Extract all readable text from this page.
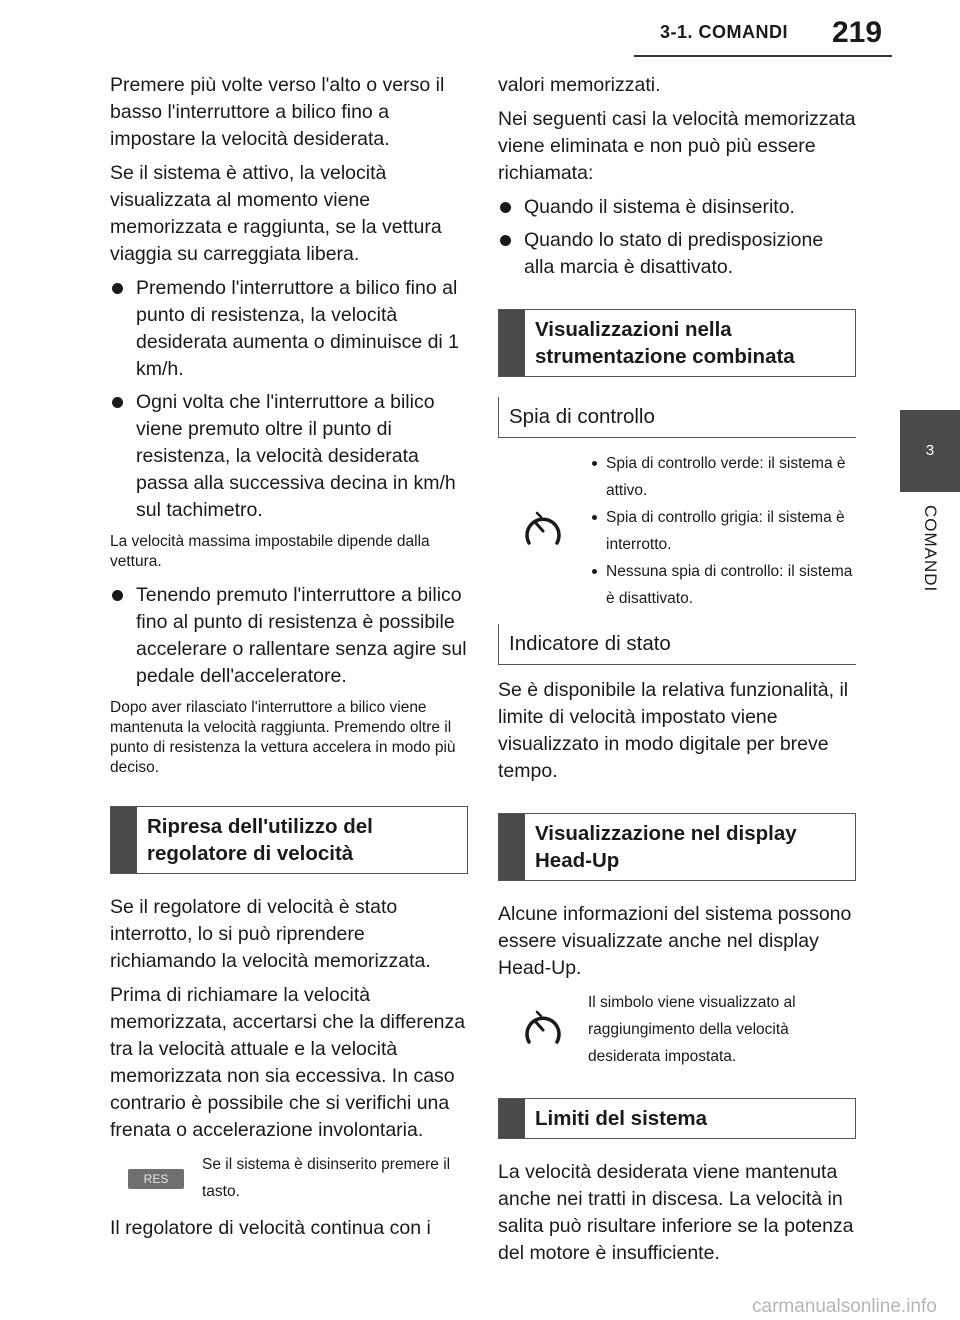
3-1. COMANDI 219
3
COMANDI

Premere più volte verso l'alto o verso il basso l'interruttore a bilico fino a impostare la velocità desiderata.

Se il sistema è attivo, la velocità visualizzata al momento viene memorizzata e raggiunta, se la vettura viaggia su carreggiata libera.

Premendo l'interruttore a bilico fino al punto di resistenza, la velocità desiderata aumenta o diminuisce di 1 km/h.
Ogni volta che l'interruttore a bilico viene premuto oltre il punto di resistenza, la velocità desiderata passa alla successiva decina in km/h sul tachimetro.

La velocità massima impostabile dipende dalla vettura.

Tenendo premuto l'interruttore a bilico fino al punto di resistenza è possibile accelerare o rallentare senza agire sul pedale dell'acceleratore.

Dopo aver rilasciato l'interruttore a bilico viene mantenuta la velocità raggiunta. Premendo oltre il punto di resistenza la vettura accelera in modo più deciso.

Ripresa dell'utilizzo del regolatore di velocità

Se il regolatore di velocità è stato interrotto, lo si può riprendere richiamando la velocità memorizzata.

Prima di richiamare la velocità memorizzata, accertarsi che la differenza tra la velocità attuale e la velocità memorizzata non sia eccessiva. In caso contrario è possibile che si verifichi una frenata o accelerazione involontaria.

RES
Se il sistema è disinserito premere il tasto.

Il regolatore di velocità continua con i

valori memorizzati.

Nei seguenti casi la velocità memorizzata viene eliminata e non può più essere richiamata:

Quando il sistema è disinserito.
Quando lo stato di predisposizione alla marcia è disattivato.
Visualizzazioni nella strumentazione combinata
Spia di controllo
Spia di controllo verde: il sistema è attivo.
Spia di controllo grigia: il sistema è interrotto.
Nessuna spia di controllo: il sistema è disattivato.
Indicatore di stato

Se è disponibile la relativa funzionalità, il limite di velocità impostato viene visualizzato in modo digitale per breve tempo.

Visualizzazione nel display Head-Up

Alcune informazioni del sistema possono essere visualizzate anche nel display Head-Up.

Il simbolo viene visualizzato al raggiungimento della velocità desiderata impostata.
Limiti del sistema

La velocità desiderata viene mantenuta anche nei tratti in discesa. La velocità in salita può risultare inferiore se la potenza del motore è insufficiente.

carmanualsonline.info
